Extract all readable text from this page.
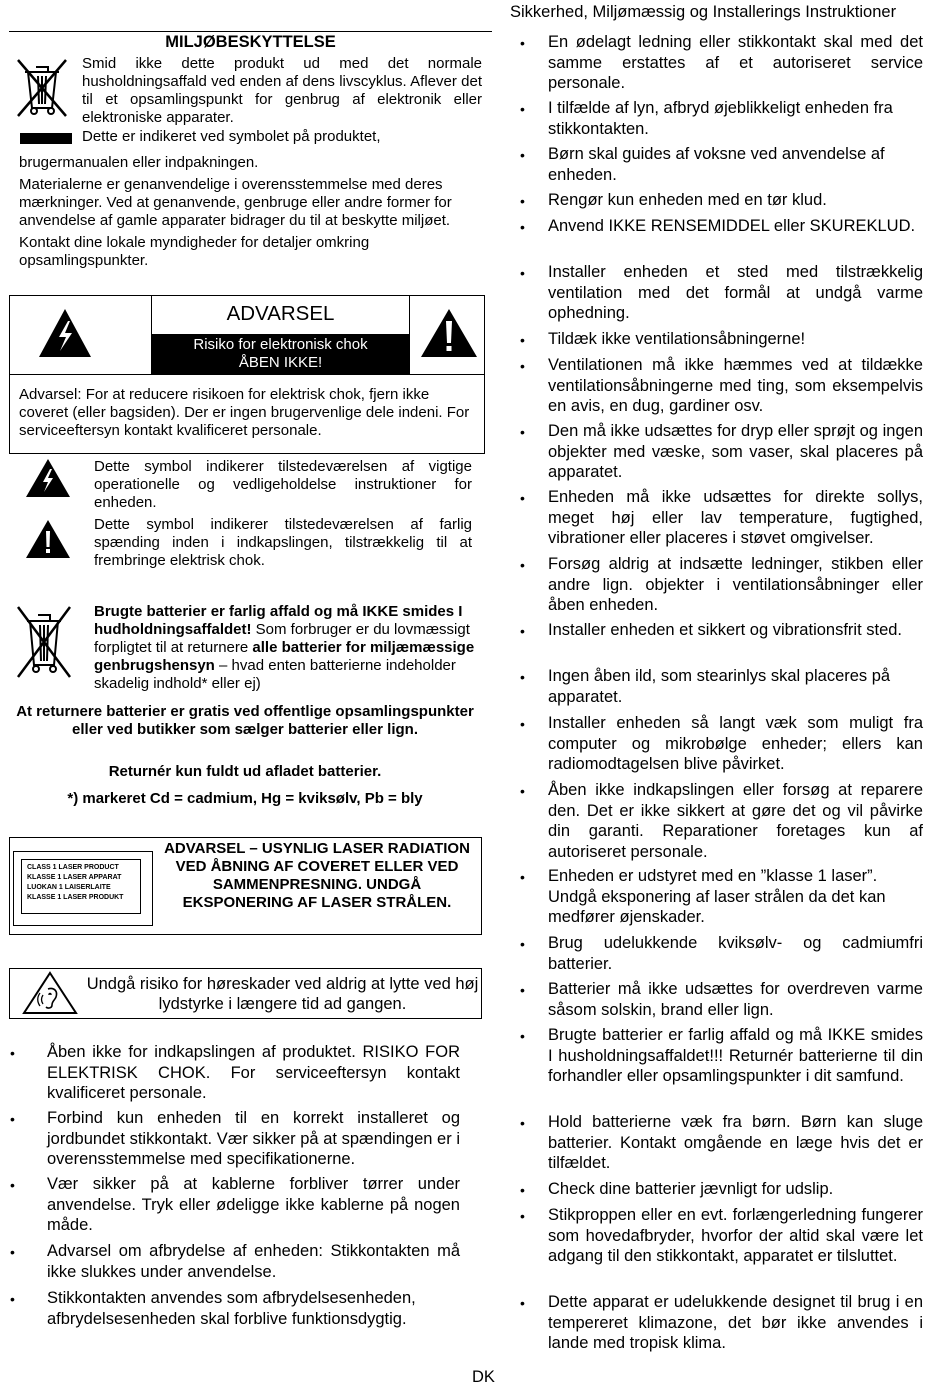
Sikkerhed, Miljømæssig og Installerings Instruktioner
MILJØBESKYTTELSE
Smid ikke dette produkt ud med det normale husholdningsaffald ved enden af dens livscyklus. Aflever det til et opsamlingspunkt for genbrug af elektronik eller elektroniske apparater.
Dette er indikeret ved symbolet på produktet,
brugermanualen eller indpakningen.
Materialerne er genanvendelige i overensstemmelse med deres mærkninger. Ved at genanvende, genbruge eller andre former for anvendelse af gamle apparater bidrager du til at beskytte miljøet.
Kontakt dine lokale myndigheder for detaljer omkring opsamlingspunkter.
ADVARSEL
Risiko for elektronisk chok
ÅBEN IKKE!
Advarsel: For at reducere risikoen for elektrisk chok, fjern ikke coveret (eller bagsiden). Der er ingen brugervenlige dele indeni. For serviceeftersyn kontakt kvalificeret personale.
Dette symbol indikerer tilstedeværelsen af vigtige operationelle og vedligeholdelse instruktioner for enheden.
Dette symbol indikerer tilstedeværelsen af farlig spænding inden i indkapslingen, tilstrækkelig til at frembringe elektrisk chok.
Brugte batterier er farlig affald og må IKKE smides I hudholdningsaffaldet! Som forbruger er du lovmæssigt forpligtet til at returnere alle batterier for miljæmæssige genbrugshensyn – hvad enten batterierne indeholder skadelig indhold* eller ej)
At returnere batterier er gratis ved offentlige opsamlingspunkter eller ved butikker som sælger batterier eller lign.
Returnér kun fuldt ud afladet batterier.
*) markeret Cd = cadmium, Hg = kviksølv, Pb = bly
CLASS 1 LASER PRODUCT
KLASSE 1 LASER APPARAT
LUOKAN 1 LAISERLAITE
KLASSE 1 LASER PRODUKT
ADVARSEL – USYNLIG LASER RADIATION VED ÅBNING AF COVERET ELLER VED SAMMENPRESNING. UNDGÅ EKSPONERING AF LASER STRÅLEN.
Undgå risiko for høreskader ved aldrig at lytte ved høj lydstyrke i længere tid ad gangen.
• Åben ikke for indkapslingen af produktet. RISIKO FOR ELEKTRISK CHOK. For serviceeftersyn kontakt kvalificeret personale.
• Forbind kun enheden til en korrekt installeret og jordbundet stikkontakt. Vær sikker på at spændingen er i overensstemmelse med specifikationerne.
• Vær sikker på at kablerne forbliver tørrer under anvendelse. Tryk eller ødeligge ikke kablerne på nogen måde.
• Advarsel om afbrydelse af enheden: Stikkontakten må ikke slukkes under anvendelse.
• Stikkontakten anvendes som afbrydelsesenheden, afbrydelsesenheden skal forblive funktionsdygtig.
• En ødelagt ledning eller stikkontakt skal med det samme erstattes af et autoriseret service personale.
• I tilfælde af lyn, afbryd øjeblikkeligt enheden fra stikkontakten.
• Børn skal guides af voksne ved anvendelse af enheden.
• Rengør kun enheden med en tør klud.
• Anvend IKKE RENSEMIDDEL eller SKUREKLUD.
• Installer enheden et sted med tilstrækkelig ventilation med det formål at undgå varme ophedning.
• Tildæk ikke ventilationsåbningerne!
• Ventilationen må ikke hæmmes ved at tildække ventilationsåbningerne med ting, som eksempelvis en avis, en dug, gardiner osv.
• Den må ikke udsættes for dryp eller sprøjt og ingen objekter med væske, som vaser, skal placeres på apparatet.
• Enheden må ikke udsættes for direkte sollys, meget høj eller lav temperature, fugtighed, vibrationer eller placeres i støvet omgivelser.
• Forsøg aldrig at indsætte ledninger, stikben eller andre lign. objekter i ventilationsåbninger eller åben enheden.
• Installer enheden et sikkert og vibrationsfrit sted.
• Ingen åben ild, som stearinlys skal placeres på apparatet.
• Installer enheden så langt væk som muligt fra computer og mikrobølge enheder; ellers kan radiomodtagelsen blive påvirket.
• Åben ikke indkapslingen eller forsøg at reparere den. Det er ikke sikkert at gøre det og vil påvirke din garanti. Reparationer foretages kun af autoriseret personale.
• Enheden er udstyret med en ”klasse 1 laser”. Undgå eksponering af laser strålen da det kan medfører øjenskader.
• Brug udelukkende kviksølv- og cadmiumfri batterier.
• Batterier må ikke udsættes for overdreven varme såsom solskin, brand eller lign.
• Brugte batterier er farlig affald og må IKKE smides I husholdningsaffaldet!!! Returnér batterierne til din forhandler eller opsamlingspunkter i dit samfund.
• Hold batterierne væk fra børn. Børn kan sluge batterier. Kontakt omgående en læge hvis det er tilfældet.
• Check dine batterier jævnligt for udslip.
• Stikproppen eller en evt. forlængerledning fungerer som hovedafbryder, hvorfor der altid skal være let adgang til den stikkontakt, apparatet er tilsluttet.
• Dette apparat er udelukkende designet til brug i en tempereret klimazone, det bør ikke anvendes i lande med tropisk klima.
DK
